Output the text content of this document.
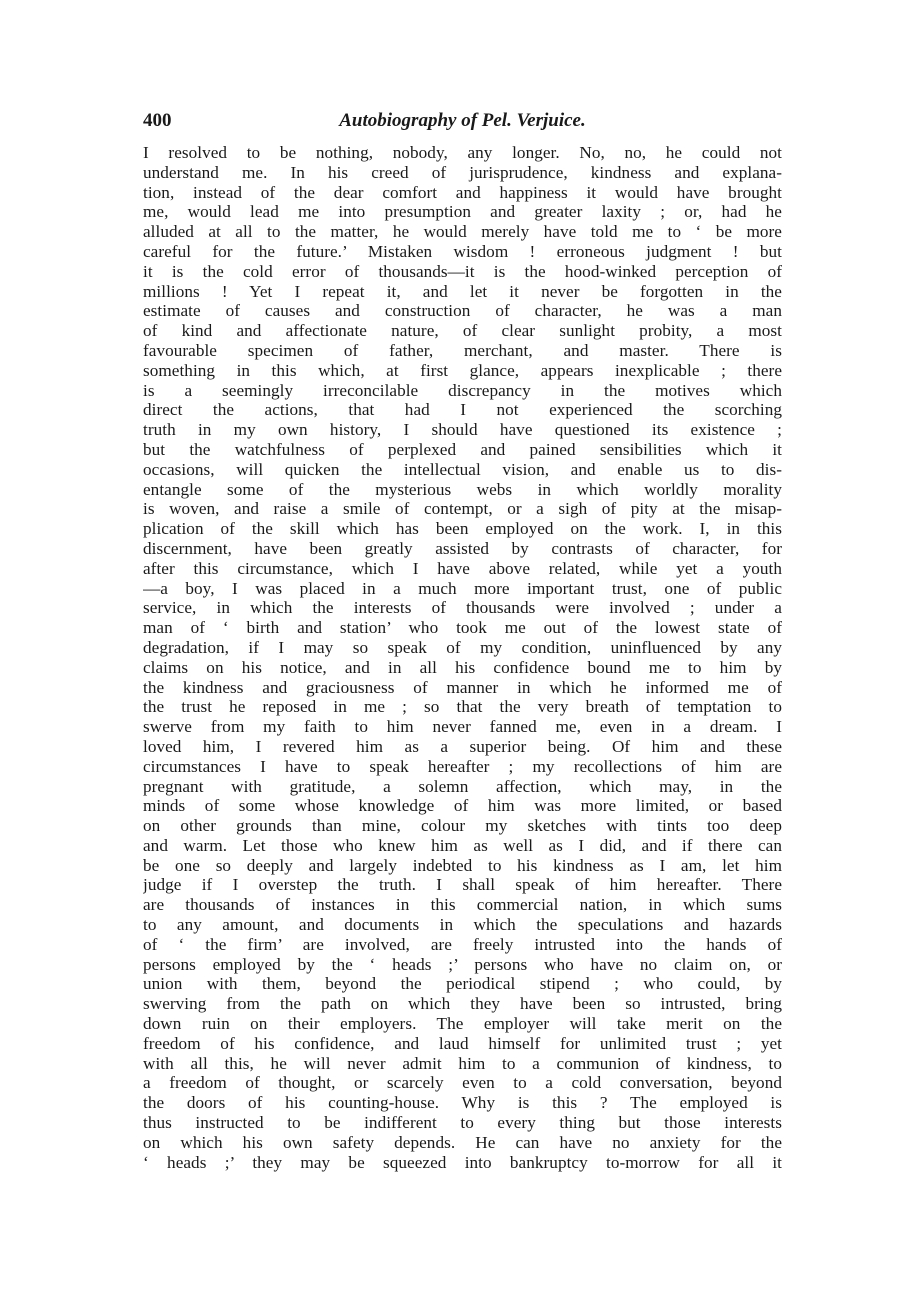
400	Autobiography of Pel. Verjuice.
I resolved to be nothing, nobody, any longer. No, no, he could not
understand me. In his creed of jurisprudence, kindness and explana-
tion, instead of the dear comfort and happiness it would have brought
me, would lead me into presumption and greater laxity ; or, had he
alluded at all to the matter, he would merely have told me to ‘ be more
careful for the future.’ Mistaken wisdom ! erroneous judgment ! but
it is the cold error of thousands—it is the hood-winked perception of
millions ! Yet I repeat it, and let it never be forgotten in the
estimate of causes and construction of character, he was a man
of kind and affectionate nature, of clear sunlight probity, a most
favourable specimen of father, merchant, and master. There is
something in this which, at first glance, appears inexplicable ; there
is a seemingly irreconcilable discrepancy in the motives which
direct the actions, that had I not experienced the scorching
truth in my own history, I should have questioned its existence ;
but the watchfulness of perplexed and pained sensibilities which it
occasions, will quicken the intellectual vision, and enable us to dis-
entangle some of the mysterious webs in which worldly morality
is woven, and raise a smile of contempt, or a sigh of pity at the misap-
plication of the skill which has been employed on the work. I, in this
discernment, have been greatly assisted by contrasts of character, for
after this circumstance, which I have above related, while yet a youth
—a boy, I was placed in a much more important trust, one of public
service, in which the interests of thousands were involved ; under a
man of ‘ birth and station’ who took me out of the lowest state of
degradation, if I may so speak of my condition, uninfluenced by any
claims on his notice, and in all his confidence bound me to him by
the kindness and graciousness of manner in which he informed me of
the trust he reposed in me ; so that the very breath of temptation to
swerve from my faith to him never fanned me, even in a dream. I
loved him, I revered him as a superior being. Of him and these
circumstances I have to speak hereafter ; my recollections of him are
pregnant with gratitude, a solemn affection, which may, in the
minds of some whose knowledge of him was more limited, or based
on other grounds than mine, colour my sketches with tints too deep
and warm. Let those who knew him as well as I did, and if there can
be one so deeply and largely indebted to his kindness as I am, let him
judge if I overstep the truth. I shall speak of him hereafter. There
are thousands of instances in this commercial nation, in which sums
to any amount, and documents in which the speculations and hazards
of ‘ the firm’ are involved, are freely intrusted into the hands of
persons employed by the ‘ heads ;’ persons who have no claim on, or
union with them, beyond the periodical stipend ; who could, by
swerving from the path on which they have been so intrusted, bring
down ruin on their employers. The employer will take merit on the
freedom of his confidence, and laud himself for unlimited trust ; yet
with all this, he will never admit him to a communion of kindness, to
a freedom of thought, or scarcely even to a cold conversation, beyond
the doors of his counting-house. Why is this ? The employed is
thus instructed to be indifferent to every thing but those interests
on which his own safety depends. He can have no anxiety for the
‘ heads ;’ they may be squeezed into bankruptcy to-morrow for all it
